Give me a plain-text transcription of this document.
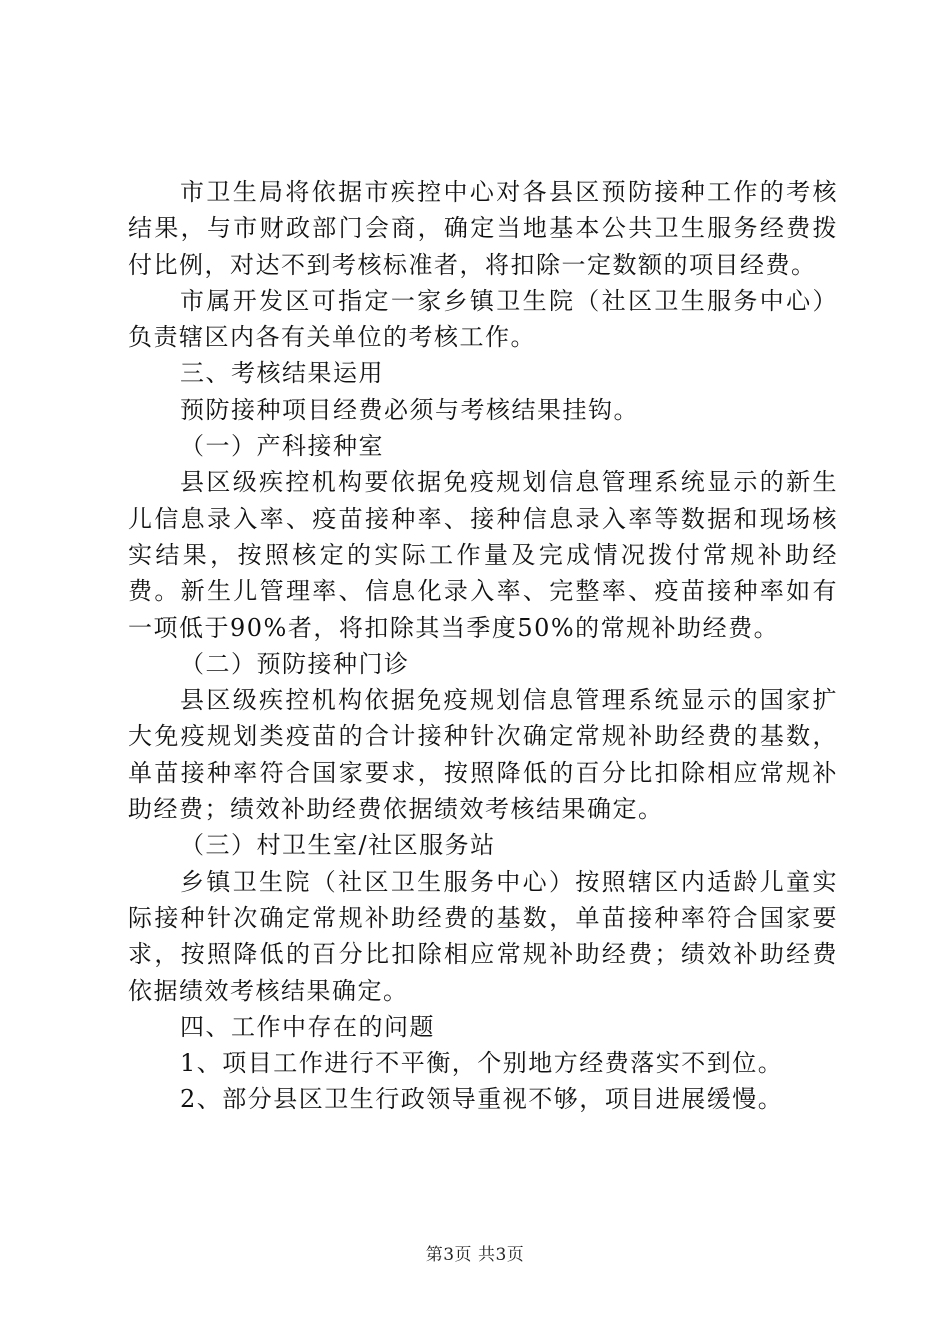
市卫生局将依据市疾控中心对各县区预防接种工作的考核结果，与市财政部门会商，确定当地基本公共卫生服务经费拨付比例，对达不到考核标准者，将扣除一定数额的项目经费。

市属开发区可指定一家乡镇卫生院（社区卫生服务中心）负责辖区内各有关单位的考核工作。

三、考核结果运用

预防接种项目经费必须与考核结果挂钩。

（一）产科接种室

县区级疾控机构要依据免疫规划信息管理系统显示的新生儿信息录入率、疫苗接种率、接种信息录入率等数据和现场核实结果，按照核定的实际工作量及完成情况拨付常规补助经费。新生儿管理率、信息化录入率、完整率、疫苗接种率如有一项低于90%者，将扣除其当季度50%的常规补助经费。

（二）预防接种门诊

县区级疾控机构依据免疫规划信息管理系统显示的国家扩大免疫规划类疫苗的合计接种针次确定常规补助经费的基数，单苗接种率符合国家要求，按照降低的百分比扣除相应常规补助经费；绩效补助经费依据绩效考核结果确定。

（三）村卫生室/社区服务站

乡镇卫生院（社区卫生服务中心）按照辖区内适龄儿童实际接种针次确定常规补助经费的基数，单苗接种率符合国家要求，按照降低的百分比扣除相应常规补助经费；绩效补助经费依据绩效考核结果确定。

四、工作中存在的问题

1、项目工作进行不平衡，个别地方经费落实不到位。

2、部分县区卫生行政领导重视不够，项目进展缓慢。

第3页 共3页
